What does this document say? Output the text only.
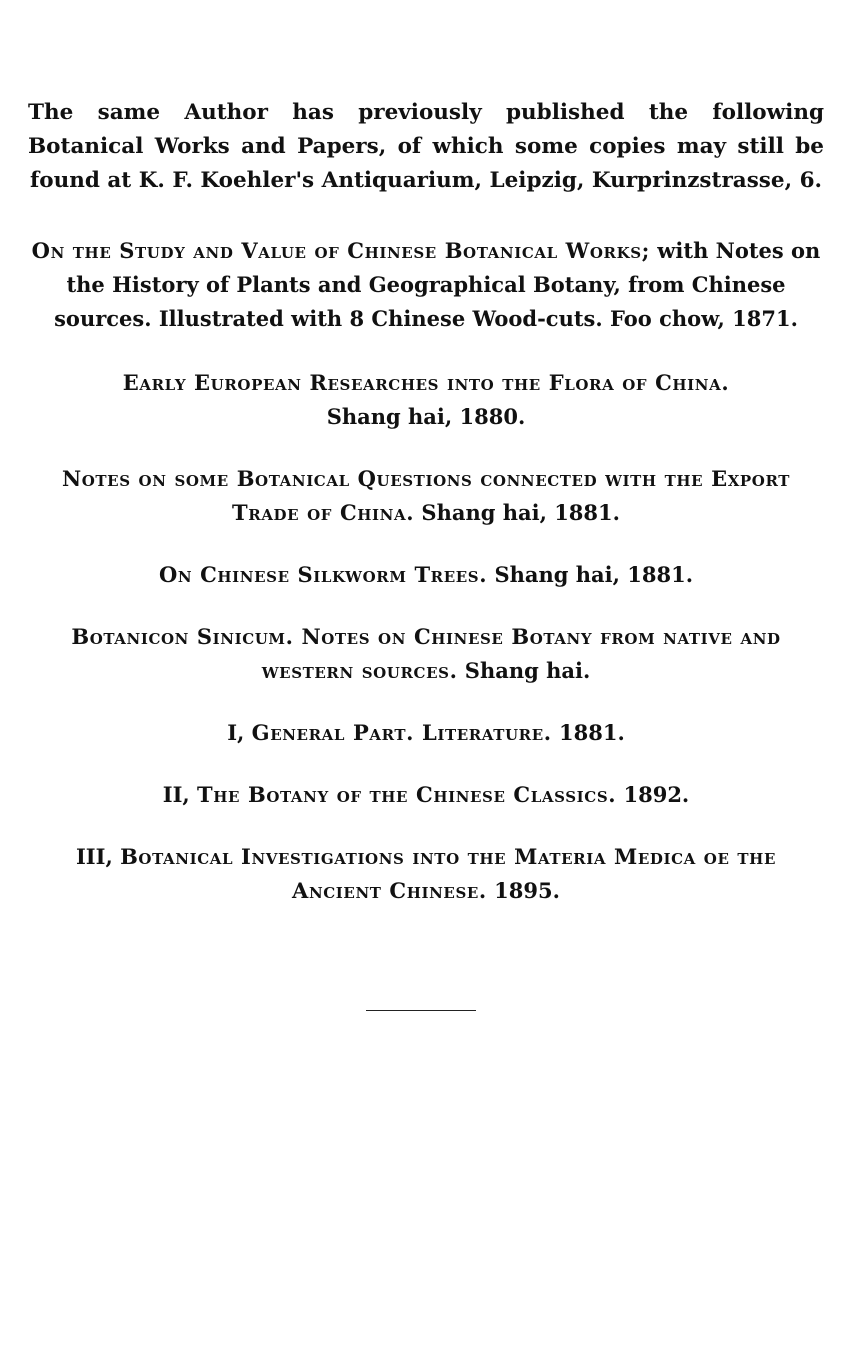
The same Author has previously published the following Botanical Works and Papers, of which some copies may still be found at K. F. Koehler's Antiquarium, Leipzig, Kurprinzstrasse, 6.

On the Study and Value of Chinese Botanical Works; with Notes on the History of Plants and Geographical Botany, from Chinese sources. Illustrated with 8 Chinese Wood-cuts. Foo chow, 1871.

Early European Researches into the Flora of China.
Shang hai, 1880.

Notes on some Botanical Questions connected with the Export Trade of China. Shang hai, 1881.

On Chinese Silkworm Trees. Shang hai, 1881.

Botanicon Sinicum. Notes on Chinese Botany from native and western sources. Shang hai.

I, General Part. Literature. 1881.

II, The Botany of the Chinese Classics. 1892.

III, Botanical Investigations into the Materia Medica oe the Ancient Chinese. 1895.
